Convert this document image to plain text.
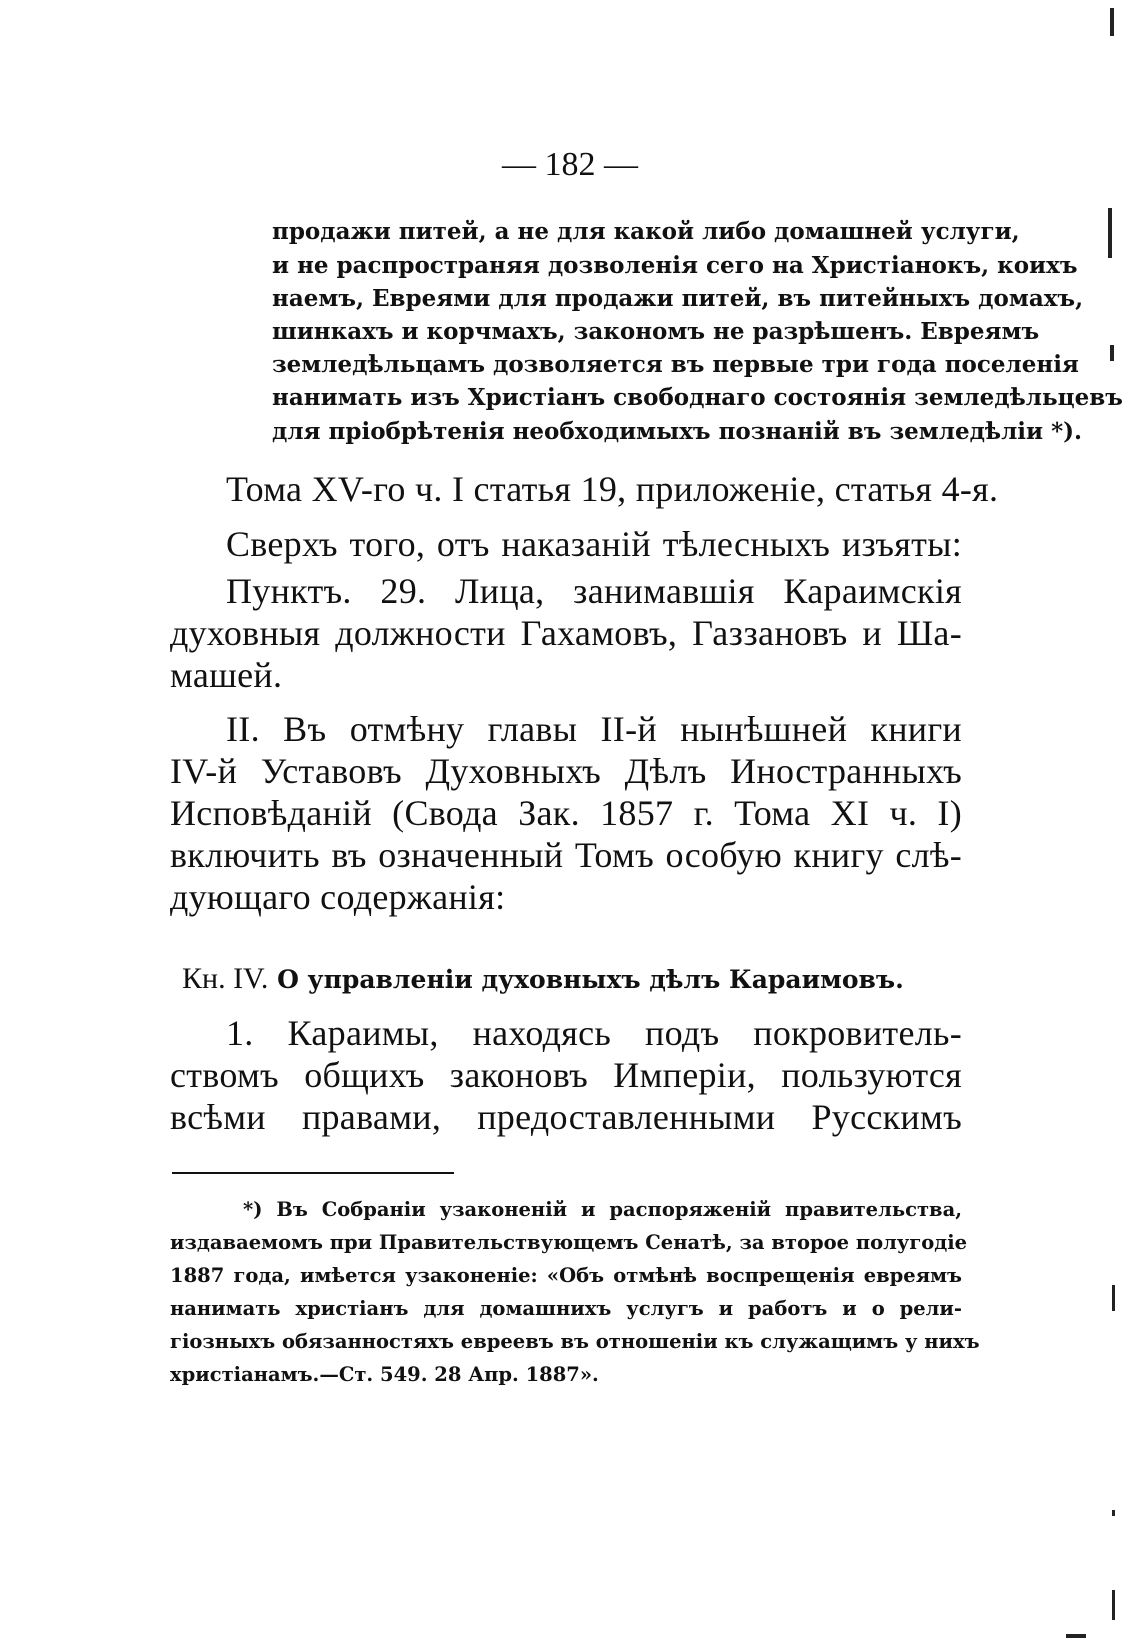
— 182 —

продажи питей, а не для какой либо домашней услуги,

и не распространяя дозволенія сего на Христіанокъ, коихъ

наемъ, Евреями для продажи питей, въ питейныхъ домахъ,

шинкахъ и корчмахъ, закономъ не разрѣшенъ. Евреямъ

земледѣльцамъ дозволяется въ первые три года поселенія

нанимать изъ Христіанъ свободнаго состоянія земледѣльцевъ

для пріобрѣтенія необходимыхъ познаній въ земледѣліи *).

Тома XV-го ч. I статья 19, приложеніе, статья 4-я.

Сверхъ того, отъ наказаній тѣлесныхъ изъяты:

Пунктъ. 29. Лица, занимавшія Караимскія

духовныя должности Гахамовъ, Газзановъ и Ша-

машей.

II. Въ отмѣну главы II-й нынѣшней книги

IV-й Уставовъ Духовныхъ Дѣлъ Иностранныхъ

Исповѣданій (Свода Зак. 1857 г. Тома XI ч. I)

включить въ означенный Томъ особую книгу слѣ-

дующаго содержанія:

Кн. IV. О управленіи духовныхъ дѣлъ Караимовъ.

1. Караимы, находясь подъ покровитель-

ствомъ общихъ законовъ Имперіи, пользуются

всѣми правами, предоставленными Русскимъ

*) Въ Собраніи узаконеній и распоряженій правительства,

издаваемомъ при Правительствующемъ Сенатѣ, за второе полугодіе

1887 года, имѣется узаконеніе: «Объ отмѣнѣ воспрещенія евреямъ

нанимать христіанъ для домашнихъ услугъ и работъ и о рели-

гіозныхъ обязанностяхъ евреевъ въ отношеніи къ служащимъ у нихъ

христіанамъ.—Ст. 549. 28 Апр. 1887».
